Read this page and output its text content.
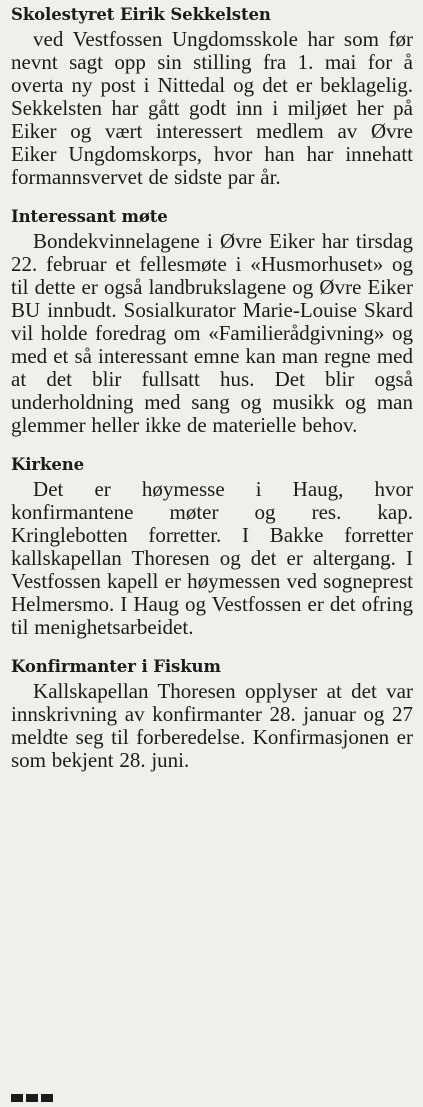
Skolestyret Eirik Sekkelsten

ved Vestfossen Ungdomsskole har som før nevnt sagt opp sin stilling fra 1. mai for å overta ny post i Nittedal og det er beklagelig. Sekkelsten har gått godt inn i miljøet her på Eiker og vært interessert medlem av Øvre Eiker Ungdomskorps, hvor han har innehatt formannsvervet de sidste par år.

Interessant møte

Bondekvinnelagene i Øvre Eiker har tirsdag 22. februar et fellesmøte i «Husmorhuset» og til dette er også landbrukslagene og Øvre Eiker BU innbudt. Sosialkurator Marie-Louise Skard vil holde foredrag om «Familierådgivning» og med et så interessant emne kan man regne med at det blir fullsatt hus. Det blir også underholdning med sang og musikk og man glemmer heller ikke de materielle behov.

Kirkene

Det er høymesse i Haug, hvor konfirmantene møter og res. kap. Kringlebotten forretter. I Bakke forretter kallskapellan Thoresen og det er altergang. I Vestfossen kapell er høymessen ved sogneprest Helmersmo. I Haug og Vestfossen er det ofring til menighetsarbeidet.

Konfirmanter i Fiskum

Kallskapellan Thoresen opplyser at det var innskrivning av konfirmanter 28. januar og 27 meldte seg til forberedelse. Konfirmasjonen er som bekjent 28. juni.
